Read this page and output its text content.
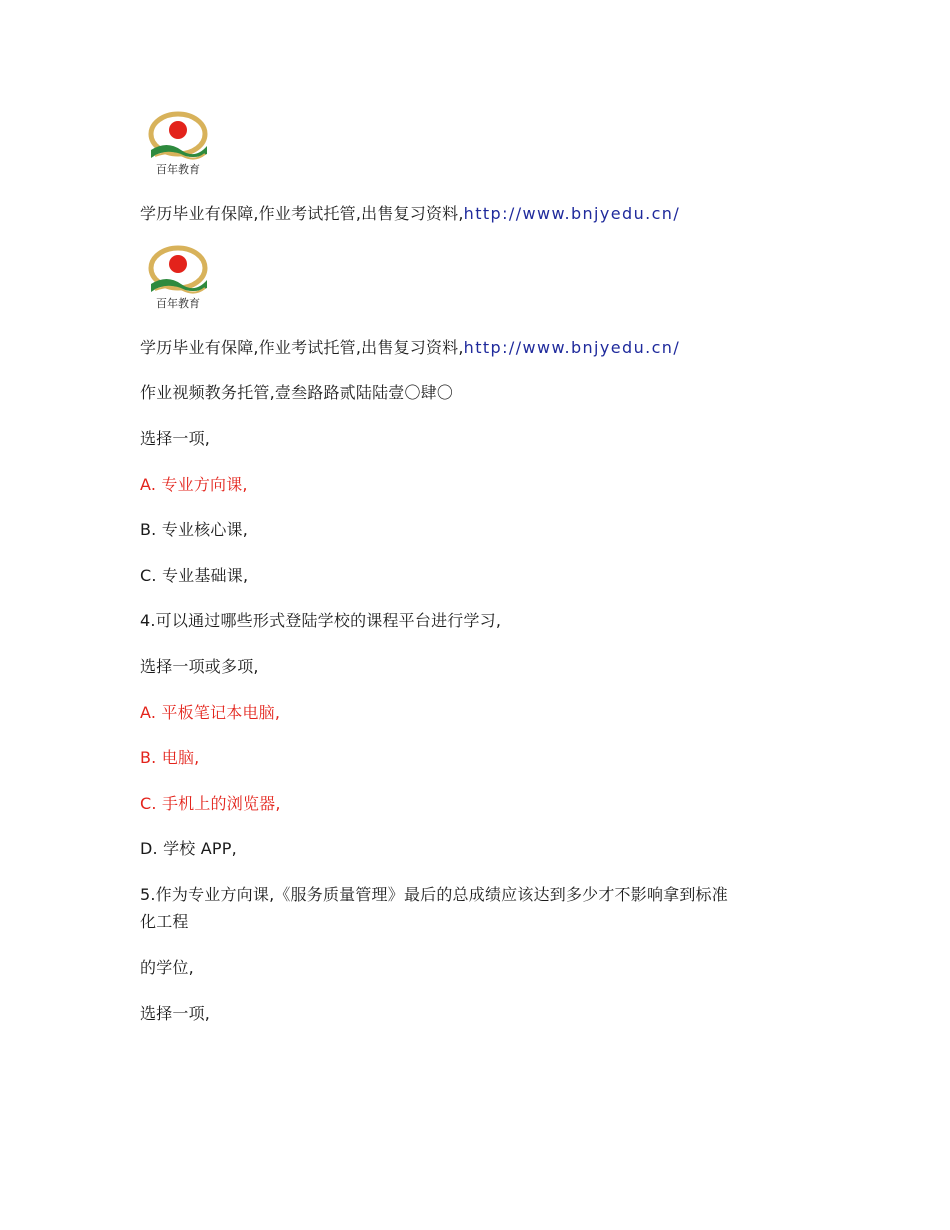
百年教育
学历毕业有保障,作业考试托管,出售复习资料,http://www.bnjyedu.cn/
百年教育
学历毕业有保障,作业考试托管,出售复习资料,http://www.bnjyedu.cn/
作业视频教务托管,壹叁路路贰陆陆壹〇肆〇
选择一项,
A. 专业方向课,
B. 专业核心课,
C. 专业基础课,
4.可以通过哪些形式登陆学校的课程平台进行学习,
选择一项或多项,
A. 平板笔记本电脑,
B. 电脑,
C. 手机上的浏览器,
D. 学校 APP,
5.作为专业方向课,《服务质量管理》最后的总成绩应该达到多少才不影响拿到标准
化工程
的学位,
选择一项,
